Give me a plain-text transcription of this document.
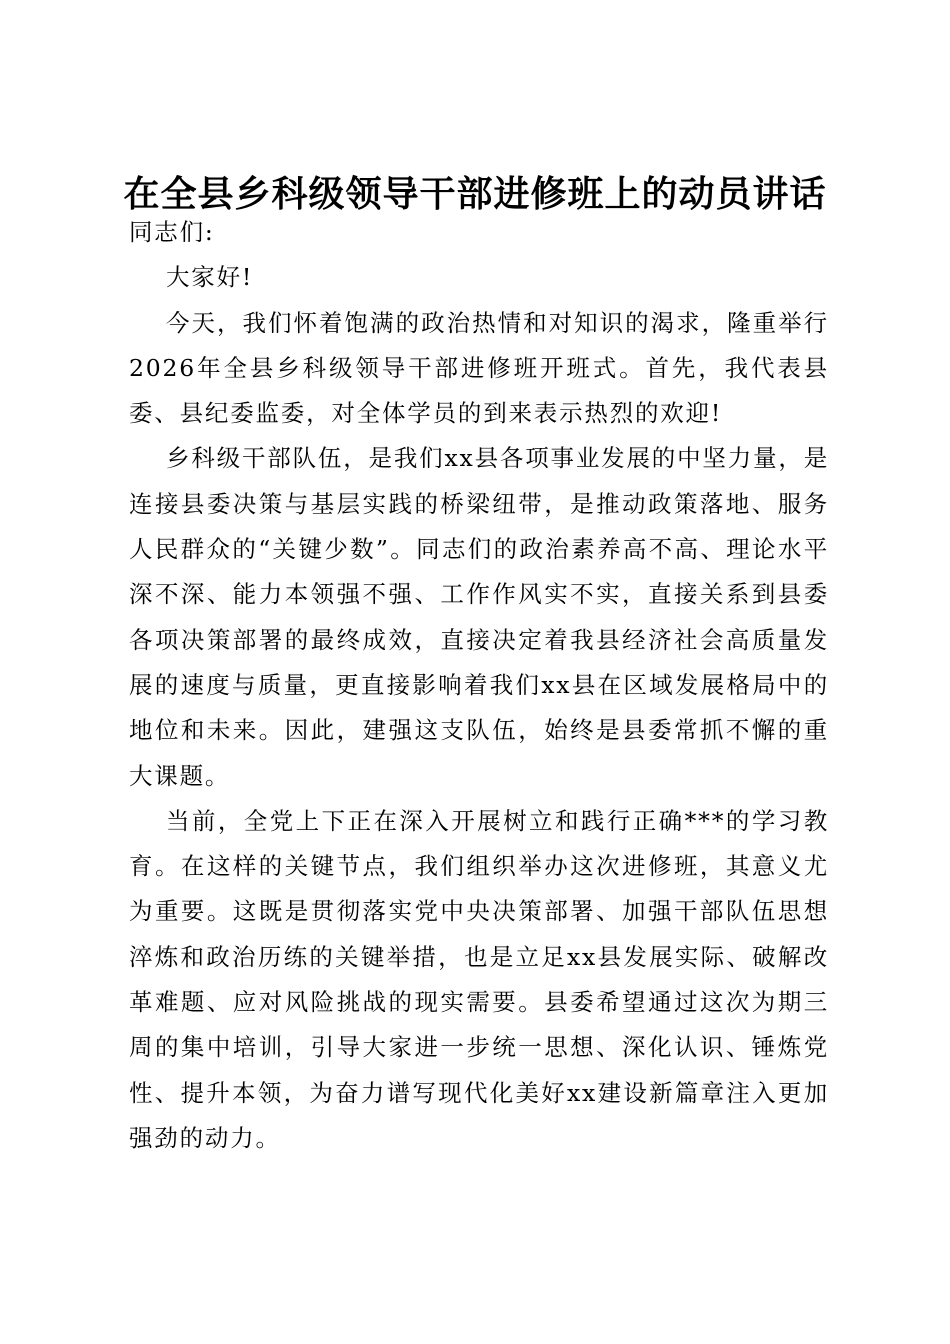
在全县乡科级领导干部进修班上的动员讲话

同志们:

大家好!

今天，我们怀着饱满的政治热情和对知识的渴求，隆重举行2026年全县乡科级领导干部进修班开班式。首先，我代表县委、县纪委监委，对全体学员的到来表示热烈的欢迎!

乡科级干部队伍，是我们xx县各项事业发展的中坚力量，是连接县委决策与基层实践的桥梁纽带，是推动政策落地、服务人民群众的“关键少数”。同志们的政治素养高不高、理论水平深不深、能力本领强不强、工作作风实不实，直接关系到县委各项决策部署的最终成效，直接决定着我县经济社会高质量发展的速度与质量，更直接影响着我们xx县在区域发展格局中的地位和未来。因此，建强这支队伍，始终是县委常抓不懈的重大课题。

当前，全党上下正在深入开展树立和践行正确***的学习教育。在这样的关键节点，我们组织举办这次进修班，其意义尤为重要。这既是贯彻落实党中央决策部署、加强干部队伍思想淬炼和政治历练的关键举措，也是立足xx县发展实际、破解改革难题、应对风险挑战的现实需要。县委希望通过这次为期三周的集中培训，引导大家进一步统一思想、深化认识、锤炼党性、提升本领，为奋力谱写现代化美好xx建设新篇章注入更加强劲的动力。
